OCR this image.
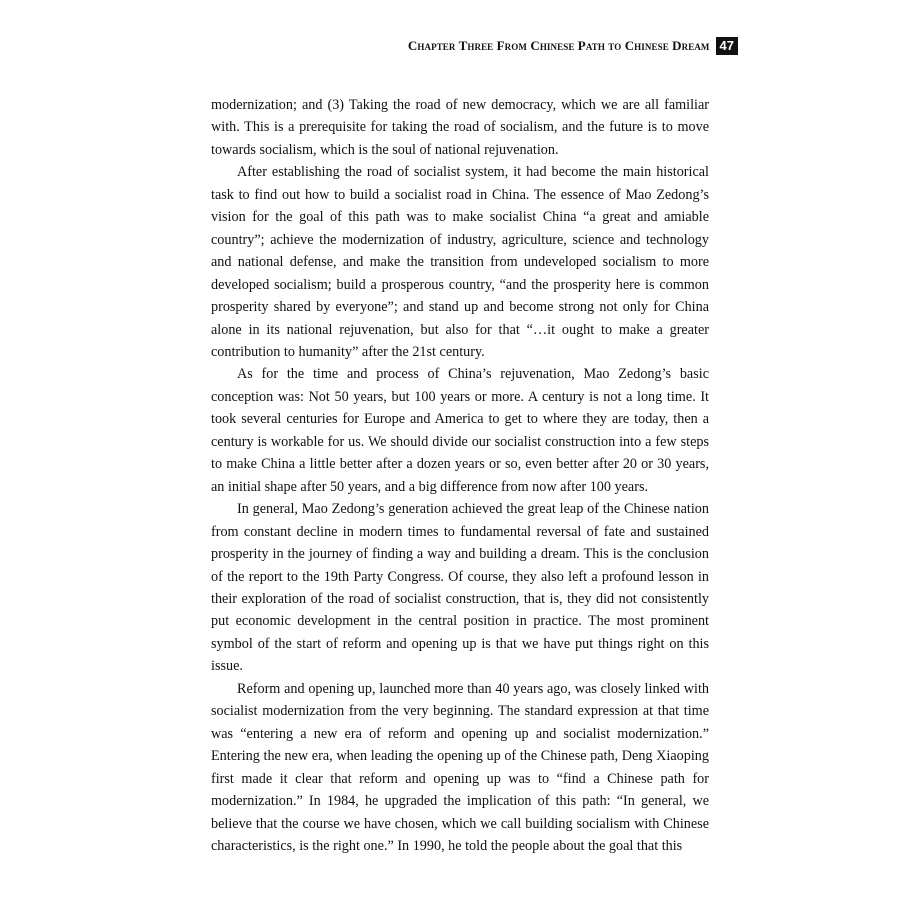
Chapter Three From Chinese Path to Chinese Dream 47

modernization; and (3) Taking the road of new democracy, which we are all familiar with. This is a prerequisite for taking the road of socialism, and the future is to move towards socialism, which is the soul of national rejuvenation.

After establishing the road of socialist system, it had become the main historical task to find out how to build a socialist road in China. The essence of Mao Zedong’s vision for the goal of this path was to make socialist China “a great and amiable country”; achieve the modernization of industry, agriculture, science and technology and national defense, and make the transition from undeveloped socialism to more developed socialism; build a prosperous country, “and the prosperity here is common prosperity shared by everyone”; and stand up and become strong not only for China alone in its national rejuvenation, but also for that “…it ought to make a greater contribution to humanity” after the 21st century.

As for the time and process of China’s rejuvenation, Mao Zedong’s basic conception was: Not 50 years, but 100 years or more. A century is not a long time. It took several centuries for Europe and America to get to where they are today, then a century is workable for us. We should divide our socialist construction into a few steps to make China a little better after a dozen years or so, even better after 20 or 30 years, an initial shape after 50 years, and a big difference from now after 100 years.

In general, Mao Zedong’s generation achieved the great leap of the Chinese nation from constant decline in modern times to fundamental reversal of fate and sustained prosperity in the journey of finding a way and building a dream. This is the conclusion of the report to the 19th Party Congress. Of course, they also left a profound lesson in their exploration of the road of socialist construction, that is, they did not consistently put economic development in the central position in practice. The most prominent symbol of the start of reform and opening up is that we have put things right on this issue.

Reform and opening up, launched more than 40 years ago, was closely linked with socialist modernization from the very beginning. The standard expression at that time was “entering a new era of reform and opening up and socialist modernization.” Entering the new era, when leading the opening up of the Chinese path, Deng Xiaoping first made it clear that reform and opening up was to “find a Chinese path for modernization.” In 1984, he upgraded the implication of this path: “In general, we believe that the course we have chosen, which we call building socialism with Chinese characteristics, is the right one.” In 1990, he told the people about the goal that this
